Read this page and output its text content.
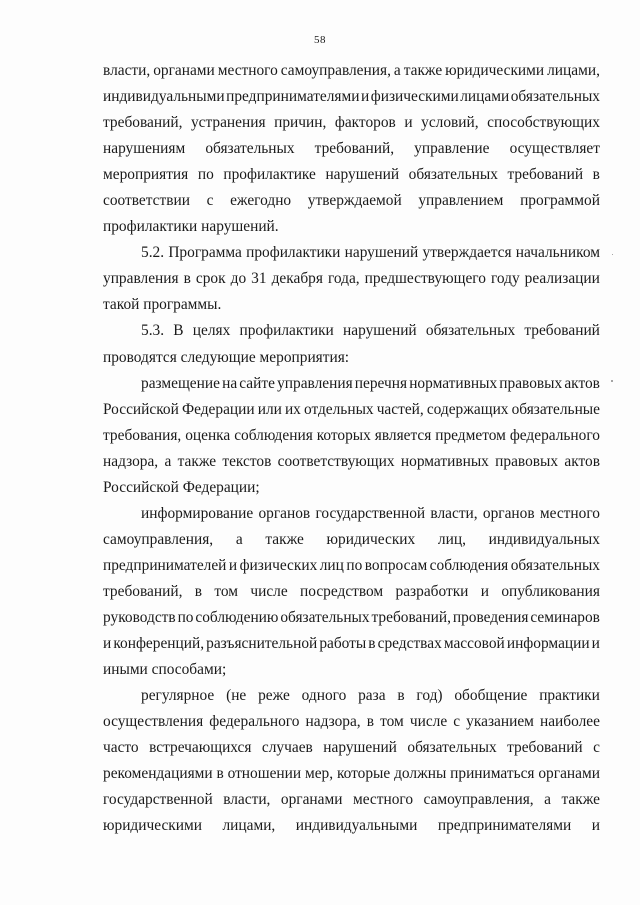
58
власти, органами местного самоуправления, а также юридическими лицами,
индивидуальными предпринимателями и физическими лицами обязательных
требований, устранения причин, факторов и условий, способствующих
нарушениям обязательных требований, управление осуществляет
мероприятия по профилактике нарушений обязательных требований в
соответствии с ежегодно утверждаемой управлением программой
профилактики нарушений.
5.2. Программа профилактики нарушений утверждается начальником
управления в срок до 31 декабря года, предшествующего году реализации
такой программы.
5.3. В целях профилактики нарушений обязательных требований
проводятся следующие мероприятия:
размещение на сайте управления перечня нормативных правовых актов
Российской Федерации или их отдельных частей, содержащих обязательные
требования, оценка соблюдения которых является предметом федерального
надзора, а также текстов соответствующих нормативных правовых актов
Российской Федерации;
информирование органов государственной власти, органов местного
самоуправления, а также юридических лиц, индивидуальных
предпринимателей и физических лиц по вопросам соблюдения обязательных
требований, в том числе посредством разработки и опубликования
руководств по соблюдению обязательных требований, проведения семинаров
и конференций, разъяснительной работы в средствах массовой информации и
иными способами;
регулярное (не реже одного раза в год) обобщение практики
осуществления федерального надзора, в том числе с указанием наиболее
часто встречающихся случаев нарушений обязательных требований с
рекомендациями в отношении мер, которые должны приниматься органами
государственной власти, органами местного самоуправления, а также
юридическими лицами, индивидуальными предпринимателями и
